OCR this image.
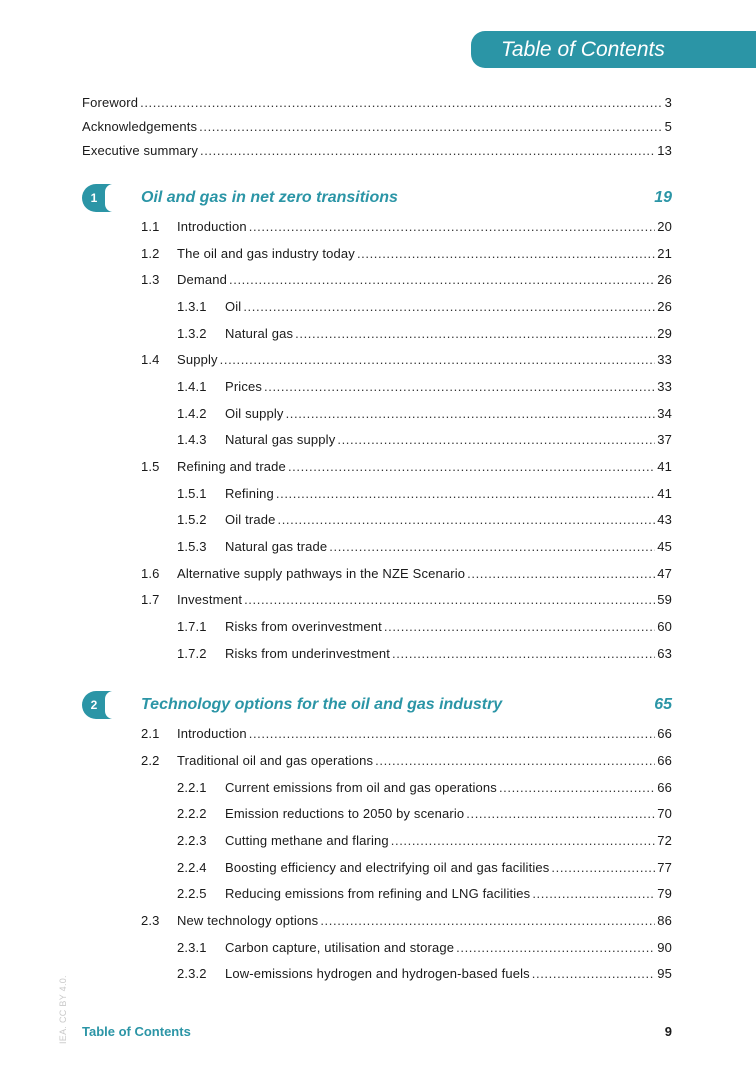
Table of Contents
Foreword .....	3
Acknowledgements .....	5
Executive summary .....	13
1	Oil and gas in net zero transitions	19
1.1	Introduction .....	20
1.2	The oil and gas industry today .....	21
1.3	Demand .....	26
1.3.1	Oil .....	26
1.3.2	Natural gas .....	29
1.4	Supply .....	33
1.4.1	Prices .....	33
1.4.2	Oil supply .....	34
1.4.3	Natural gas supply .....	37
1.5	Refining and trade .....	41
1.5.1	Refining .....	41
1.5.2	Oil trade .....	43
1.5.3	Natural gas trade .....	45
1.6	Alternative supply pathways in the NZE Scenario .....	47
1.7	Investment .....	59
1.7.1	Risks from overinvestment .....	60
1.7.2	Risks from underinvestment .....	63
2	Technology options for the oil and gas industry	65
2.1	Introduction .....	66
2.2	Traditional oil and gas operations .....	66
2.2.1	Current emissions from oil and gas operations .....	66
2.2.2	Emission reductions to 2050 by scenario .....	70
2.2.3	Cutting methane and flaring .....	72
2.2.4	Boosting efficiency and electrifying oil and gas facilities .....	77
2.2.5	Reducing emissions from refining and LNG facilities .....	79
2.3	New technology options .....	86
2.3.1	Carbon capture, utilisation and storage .....	90
2.3.2	Low-emissions hydrogen and hydrogen-based fuels .....	95
IEA. CC BY 4.0. Table of Contents	9
